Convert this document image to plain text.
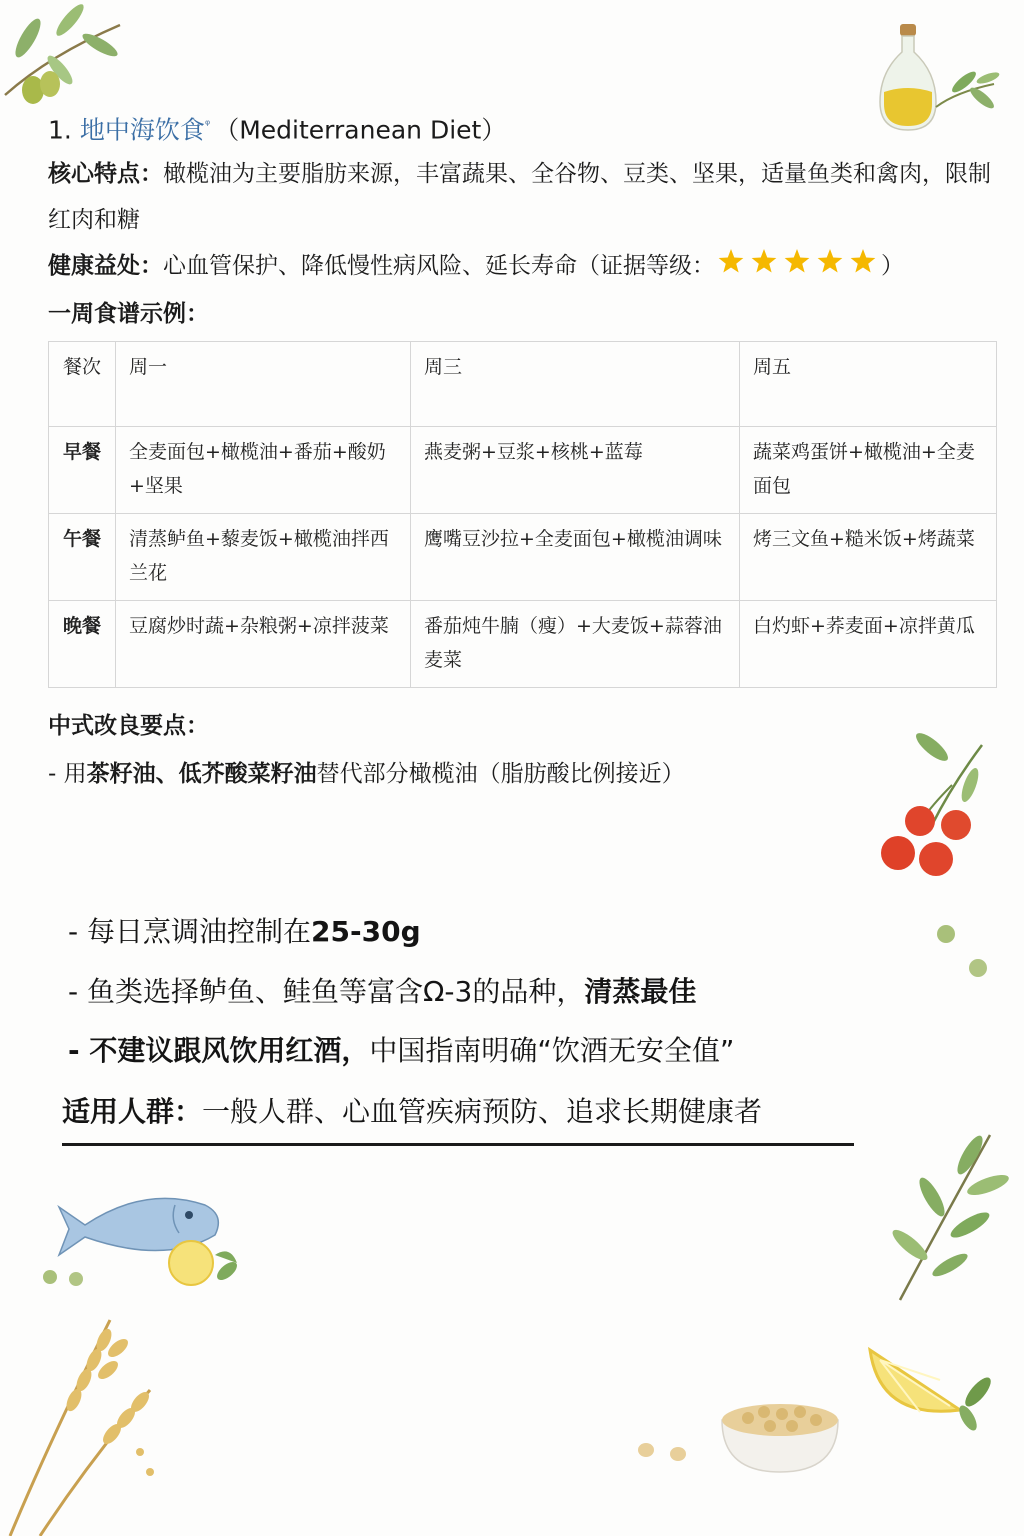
1. 地中海饮食$^ᵠ$ （Mediterranean Diet）
核心特点：橄榄油为主要脂肪来源，丰富蔬果、全谷物、豆类、坚果，适量鱼类和禽肉，限制红肉和糖
健康益处：心血管保护、降低慢性病风险、延长寿命（证据等级：	）
一周食谱示例：
餐次	周一	周三	周五
早餐	全麦面包+橄榄油+番茄+酸奶+坚果	燕麦粥+豆浆+核桃+蓝莓	蔬菜鸡蛋饼+橄榄油+全麦面包
午餐	清蒸鲈鱼+藜麦饭+橄榄油拌西兰花	鹰嘴豆沙拉+全麦面包+橄榄油调味	烤三文鱼+糙米饭+烤蔬菜
晚餐	豆腐炒时蔬+杂粮粥+凉拌菠菜	番茄炖牛腩（瘦）+大麦饭+蒜蓉油麦菜	白灼虾+荞麦面+凉拌黄瓜
中式改良要点：
- 用茶籽油、低芥酸菜籽油替代部分橄榄油（脂肪酸比例接近）
- 每日烹调油控制在25-30g
- 鱼类选择鲈鱼、鲑鱼等富含Ω-3的品种，清蒸最佳
- 不建议跟风饮用红酒，中国指南明确“饮酒无安全值”
适用人群：一般人群、心血管疾病预防、追求长期健康者
